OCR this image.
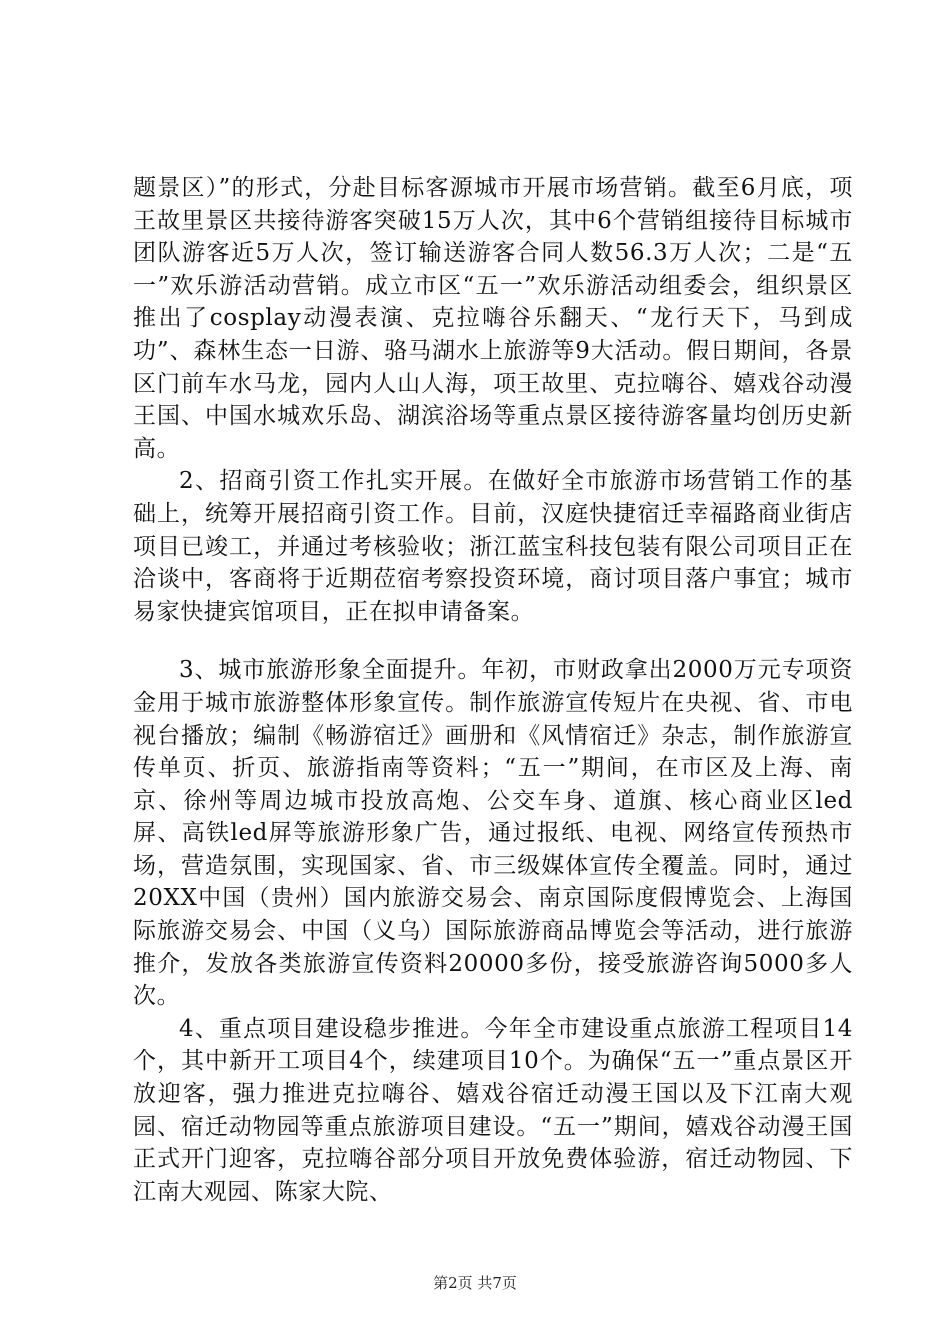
题景区）”的形式，分赴目标客源城市开展市场营销。截至6月底，项王故里景区共接待游客突破15万人次，其中6个营销组接待目标城市团队游客近5万人次，签订输送游客合同人数56.3万人次；二是“五一”欢乐游活动营销。成立市区“五一”欢乐游活动组委会，组织景区推出了cosplay动漫表演、克拉嗨谷乐翻天、“龙行天下，马到成功”、森林生态一日游、骆马湖水上旅游等9大活动。假日期间，各景区门前车水马龙，园内人山人海，项王故里、克拉嗨谷、嬉戏谷动漫王国、中国水城欢乐岛、湖滨浴场等重点景区接待游客量均创历史新高。

2、招商引资工作扎实开展。在做好全市旅游市场营销工作的基础上，统筹开展招商引资工作。目前，汉庭快捷宿迁幸福路商业街店项目已竣工，并通过考核验收；浙江蓝宝科技包装有限公司项目正在洽谈中，客商将于近期莅宿考察投资环境，商讨项目落户事宜；城市易家快捷宾馆项目，正在拟申请备案。

3、城市旅游形象全面提升。年初，市财政拿出2000万元专项资金用于城市旅游整体形象宣传。制作旅游宣传短片在央视、省、市电视台播放；编制《畅游宿迁》画册和《风情宿迁》杂志，制作旅游宣传单页、折页、旅游指南等资料；“五一”期间，在市区及上海、南京、徐州等周边城市投放高炮、公交车身、道旗、核心商业区led屏、高铁led屏等旅游形象广告，通过报纸、电视、网络宣传预热市场，营造氛围，实现国家、省、市三级媒体宣传全覆盖。同时，通过20XX中国（贵州）国内旅游交易会、南京国际度假博览会、上海国际旅游交易会、中国（义乌）国际旅游商品博览会等活动，进行旅游推介，发放各类旅游宣传资料20000多份，接受旅游咨询5000多人次。

4、重点项目建设稳步推进。今年全市建设重点旅游工程项目14个，其中新开工项目4个，续建项目10个。为确保“五一”重点景区开放迎客，强力推进克拉嗨谷、嬉戏谷宿迁动漫王国以及下江南大观园、宿迁动物园等重点旅游项目建设。“五一”期间，嬉戏谷动漫王国正式开门迎客，克拉嗨谷部分项目开放免费体验游，宿迁动物园、下江南大观园、陈家大院、

第2页 共7页
